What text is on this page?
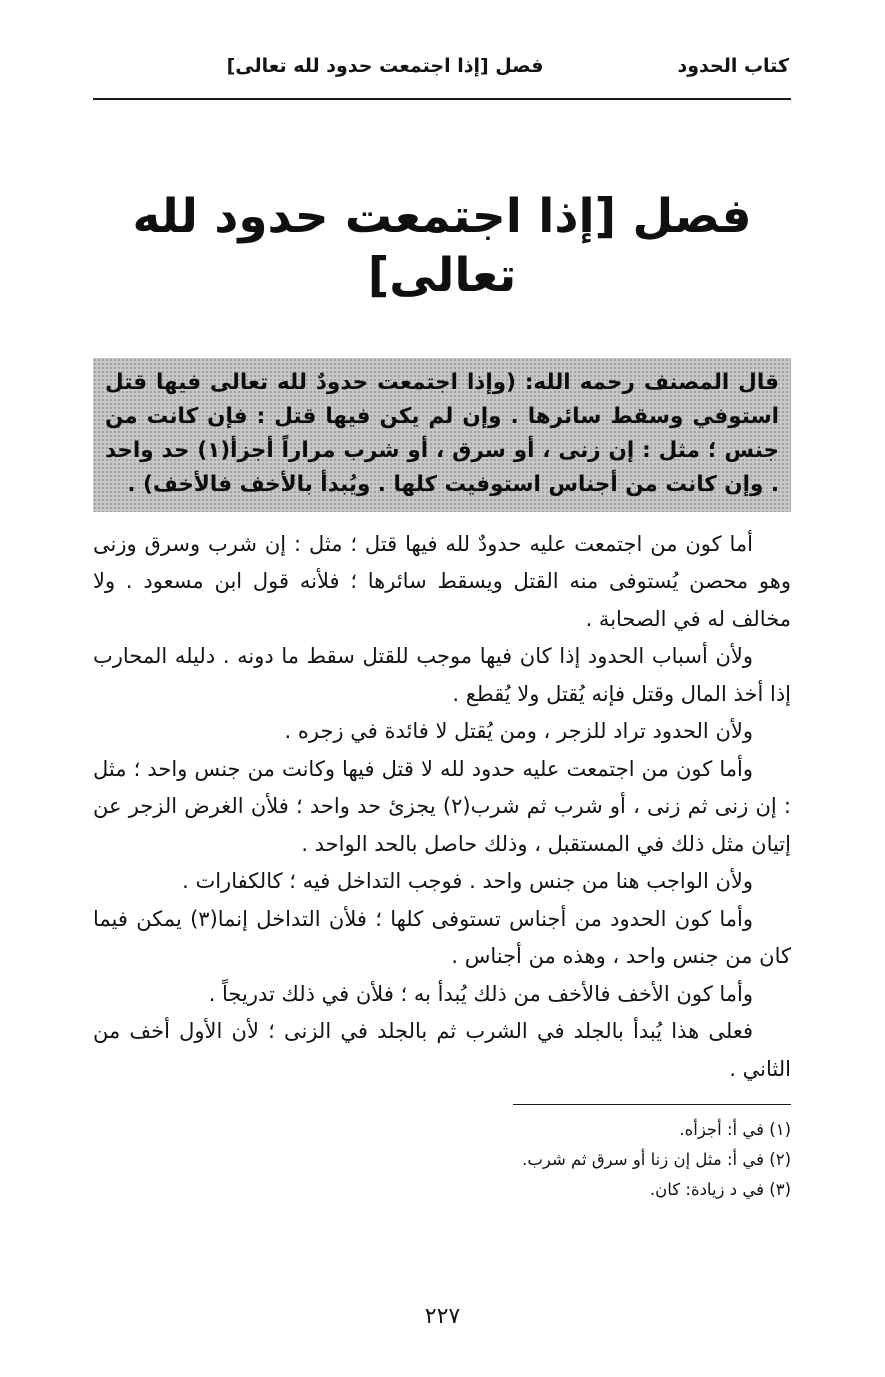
فصل [إذا اجتمعت حدود لله تعالى]	كتاب الحدود
فصل [إذا اجتمعت حدود لله تعالى]
قال المصنف رحمه الله: (وإذا اجتمعت حدودٌ لله تعالى فيها قتل استوفي وسقط سائرها . وإن لم يكن فيها قتل : فإن كانت من جنس ؛ مثل : إن زنى ، أو سرق ، أو شرب مراراً أجزأ(١) حد واحد . وإن كانت من أجناس استوفيت كلها . ويُبدأ بالأخف فالأخف) .

أما كون من اجتمعت عليه حدودٌ لله فيها قتل ؛ مثل : إن شرب وسرق وزنى وهو محصن يُستوفى منه القتل ويسقط سائرها ؛ فلأنه قول ابن مسعود . ولا مخالف له في الصحابة .

ولأن أسباب الحدود إذا كان فيها موجب للقتل سقط ما دونه . دليله المحارب إذا أخذ المال وقتل فإنه يُقتل ولا يُقطع .

ولأن الحدود تراد للزجر ، ومن يُقتل لا فائدة في زجره .

وأما كون من اجتمعت عليه حدود لله لا قتل فيها وكانت من جنس واحد ؛ مثل : إن زنى ثم زنى ، أو شرب ثم شرب(٢) يجزئ حد واحد ؛ فلأن الغرض الزجر عن إتيان مثل ذلك في المستقبل ، وذلك حاصل بالحد الواحد .

ولأن الواجب هنا من جنس واحد . فوجب التداخل فيه ؛ كالكفارات .

وأما كون الحدود من أجناس تستوفى كلها ؛ فلأن التداخل إنما(٣) يمكن فيما كان من جنس واحد ، وهذه من أجناس .

وأما كون الأخف فالأخف من ذلك يُبدأ به ؛ فلأن في ذلك تدريجاً .

فعلى هذا يُبدأ بالجلد في الشرب ثم بالجلد في الزنى ؛ لأن الأول أخف من الثاني .

(١) في أ: أجزأه.

(٢) في أ: مثل إن زنا أو سرق ثم شرب.

(٣) في د زيادة: كان.

٢٢٧
